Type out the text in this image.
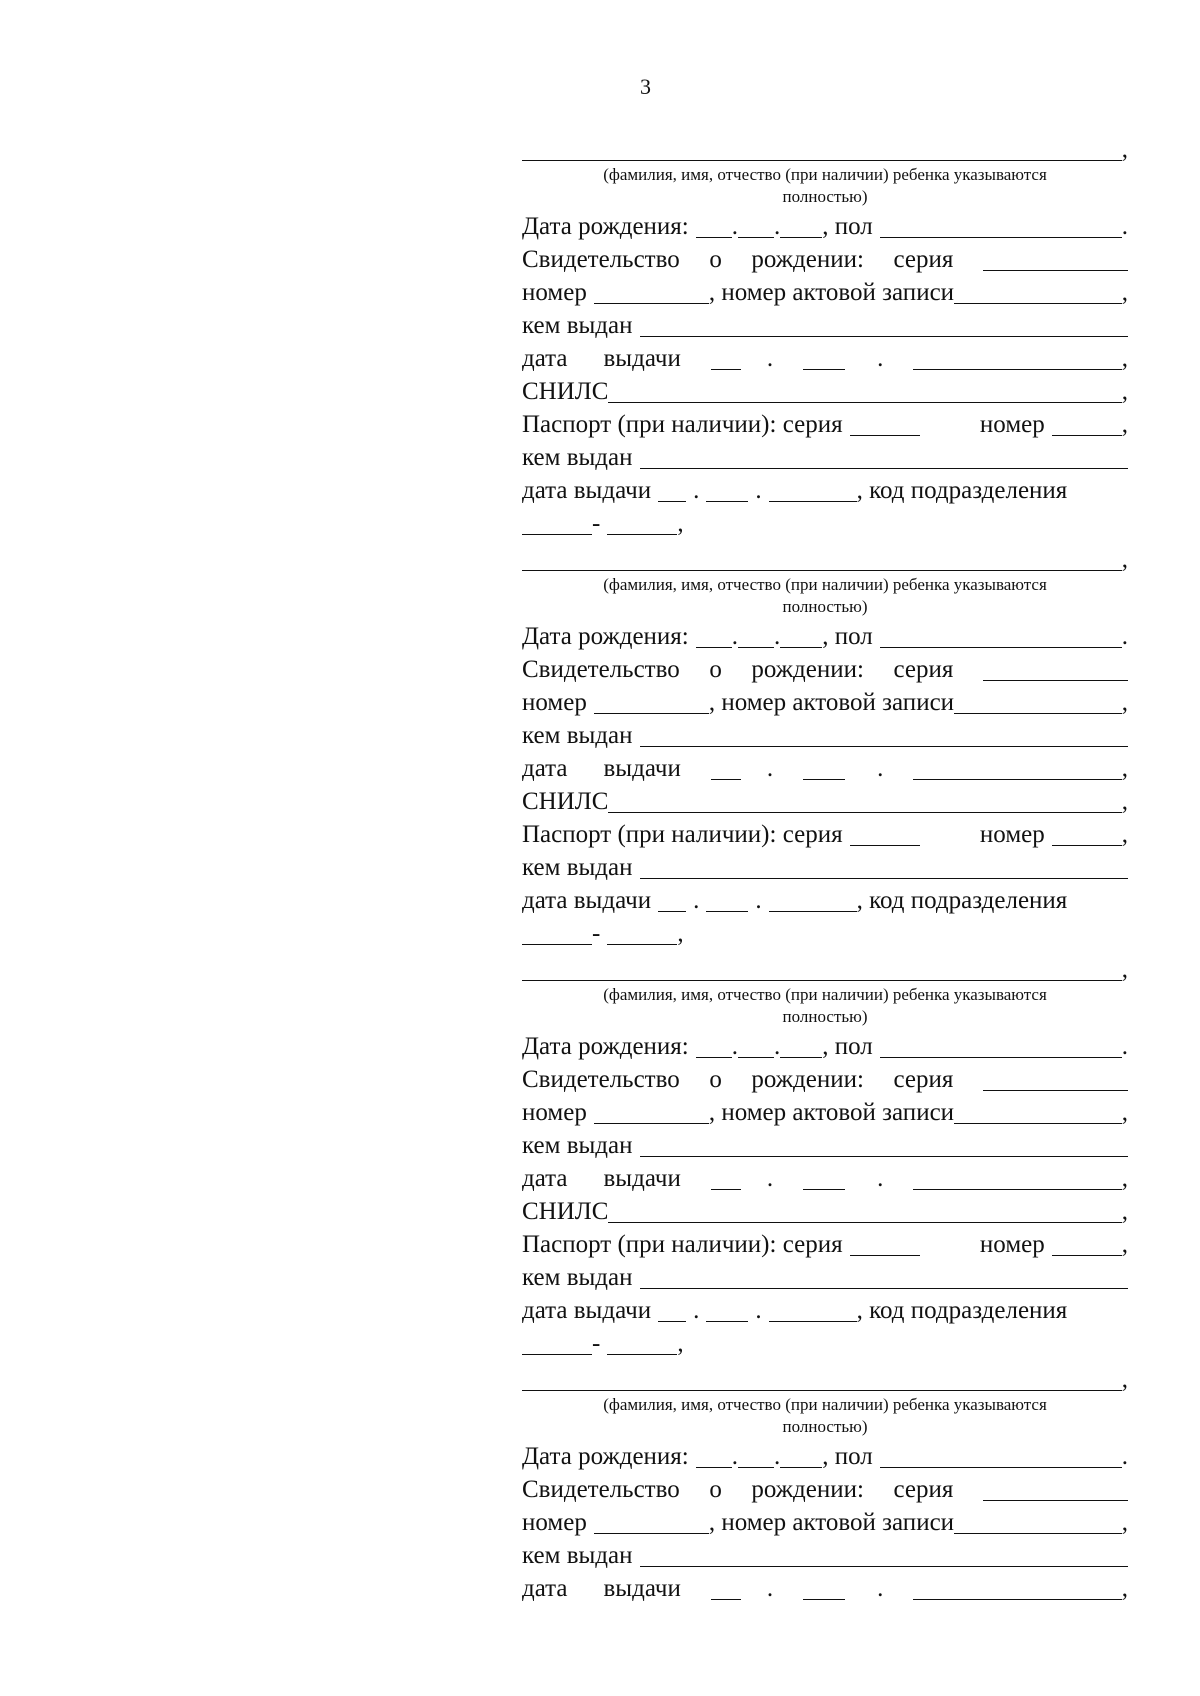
3
,
(фамилия, имя, отчество (при наличии) ребенка указываются
полностью)
Дата рождения: . . , пол	.
Свидетельство о рождении: серия
номер	, номер актовой записи	,
кем выдан
дата выдачи	.	.	,
СНИЛС	,
Паспорт (при наличии): серия	номер	,
кем выдан
дата выдачи . .	, код подразделения
-	,
,
(фамилия, имя, отчество (при наличии) ребенка указываются
полностью)
Дата рождения: . . , пол	.
Свидетельство о рождении: серия
номер	, номер актовой записи	,
кем выдан
дата выдачи	.	.	,
СНИЛС	,
Паспорт (при наличии): серия	номер	,
кем выдан
дата выдачи . .	, код подразделения
-	,
,
(фамилия, имя, отчество (при наличии) ребенка указываются
полностью)
Дата рождения: . . , пол	.
Свидетельство о рождении: серия
номер	, номер актовой записи	,
кем выдан
дата выдачи	.	.	,
СНИЛС	,
Паспорт (при наличии): серия	номер	,
кем выдан
дата выдачи . .	, код подразделения
-	,
,
(фамилия, имя, отчество (при наличии) ребенка указываются
полностью)
Дата рождения: . . , пол	.
Свидетельство о рождении: серия
номер	, номер актовой записи	,
кем выдан
дата выдачи	.	.	,
